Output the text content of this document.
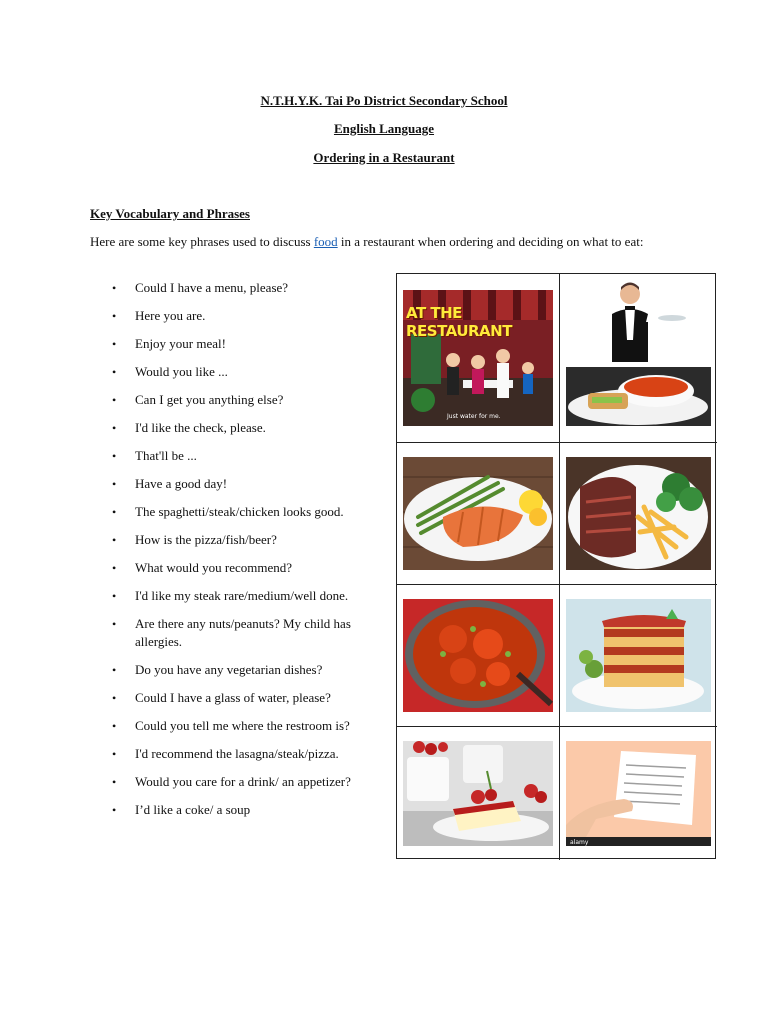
N.T.H.Y.K. Tai Po District Secondary School
English Language
Ordering in a Restaurant
Key Vocabulary and Phrases
Here are some key phrases used to discuss food in a restaurant when ordering and deciding on what to eat:
• Could I have a menu, please?
• Here you are.
• Enjoy your meal!
• Would you like ...
• Can I get you anything else?
• I'd like the check, please.
• That'll be ...
• Have a good day!
• The spaghetti/steak/chicken looks good.
• How is the pizza/fish/beer?
• What would you recommend?
• I'd like my steak rare/medium/well done.
• Are there any nuts/peanuts? My child has allergies.
• Do you have any vegetarian dishes?
• Could I have a glass of water, please?
• Could you tell me where the restroom is?
• I'd recommend the lasagna/steak/pizza.
• Would you care for a drink/ an appetizer?
• I’d like a coke/ a soup
AT THE RESTAURANT
Just water for me.
alamy
